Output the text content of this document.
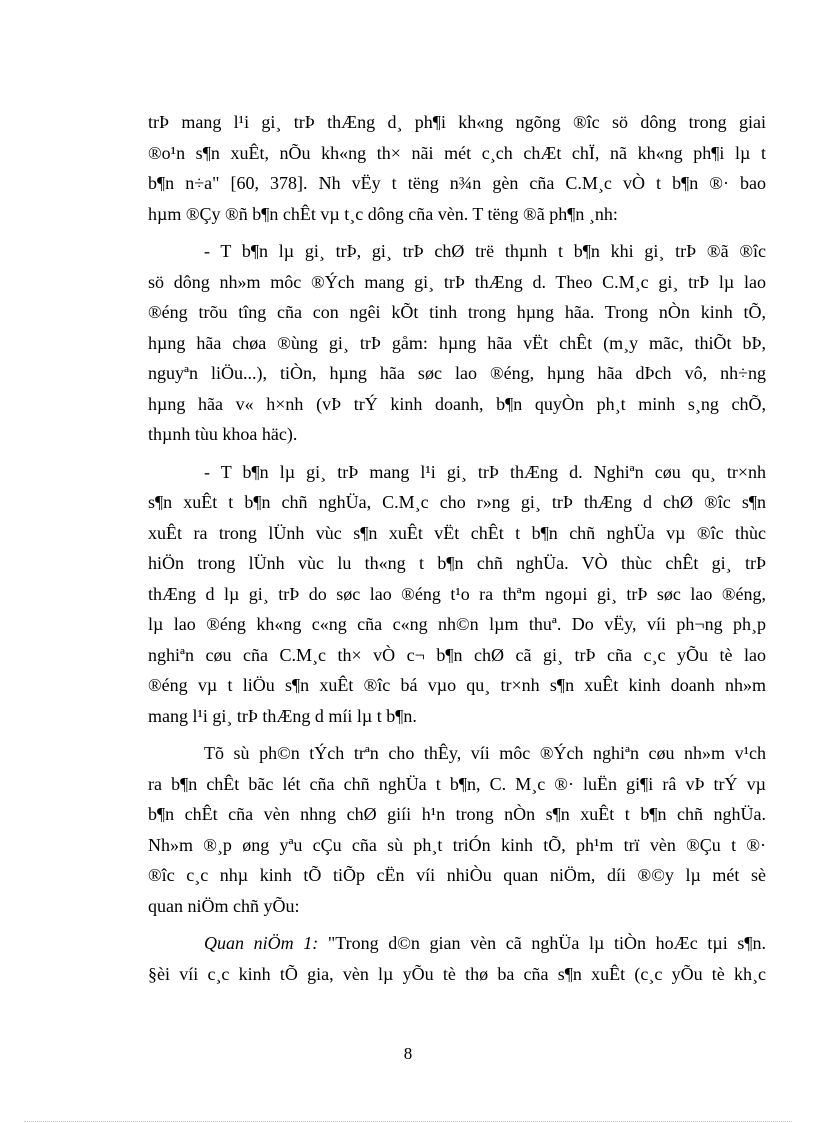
trÞ mang l¹i gi¸ trÞ thÆng d¸ ph¶i kh«ng ngõng ®îc sö dông trong giai
®o¹n s¶n xuÊt, nÕu kh«ng th× nãi mét c¸ch chÆt chÏ, nã kh«ng ph¶i lµ t
b¶n n÷a" [60, 378]. Nh vËy t tëng n¾n gèn cña C.M¸c vÒ t b¶n ®· bao
hµm ®Çy ®ñ b¶n chÊt vµ t¸c dông cña vèn. T tëng ®ã ph¶n ¸nh:
- T b¶n lµ gi¸ trÞ, gi¸ trÞ chØ trë thµnh t b¶n khi gi¸ trÞ ®ã ®îc
sö dông nh»m môc ®Ých mang gi¸ trÞ thÆng d. Theo C.M¸c gi¸ trÞ lµ lao
®éng trõu tîng cña con ngêi kÕt tinh trong hµng hãa. Trong nÒn kinh tÕ,
hµng hãa chøa ®ùng gi¸ trÞ gåm: hµng hãa vËt chÊt (m¸y mãc, thiÕt bÞ,
nguyªn liÖu...), tiÒn, hµng hãa søc lao ®éng, hµng hãa dÞch vô, nh÷ng
hµng hãa v« h×nh (vÞ trÝ kinh doanh, b¶n quyÒn ph¸t minh s¸ng chÕ,
thµnh tùu khoa häc).
- T b¶n lµ gi¸ trÞ mang l¹i gi¸ trÞ thÆng d. Nghiªn cøu qu¸ tr×nh
s¶n xuÊt t b¶n chñ nghÜa, C.M¸c cho r»ng gi¸ trÞ thÆng d chØ ®îc s¶n
xuÊt ra trong lÜnh vùc s¶n xuÊt vËt chÊt t b¶n chñ nghÜa vµ ®îc thùc
hiÖn trong lÜnh vùc lu th«ng t b¶n chñ nghÜa. VÒ thùc chÊt gi¸ trÞ
thÆng d lµ gi¸ trÞ do søc lao ®éng t¹o ra thªm ngoµi gi¸ trÞ søc lao ®éng,
lµ lao ®éng kh«ng c«ng cña c«ng nh©n lµm thuª. Do vËy, víi ph¬ng ph¸p
nghiªn cøu cña C.M¸c th× vÒ c¬ b¶n chØ cã gi¸ trÞ cña c¸c yÕu tè lao
®éng vµ t liÖu s¶n xuÊt ®îc bá vµo qu¸ tr×nh s¶n xuÊt kinh doanh nh»m
mang l¹i gi¸ trÞ thÆng d míi lµ t b¶n.
Tõ sù ph©n tÝch trªn cho thÊy, víi môc ®Ých nghiªn cøu nh»m v¹ch
ra b¶n chÊt bãc lét cña chñ nghÜa t b¶n, C. M¸c ®· luËn gi¶i râ vÞ trÝ vµ
b¶n chÊt cña vèn nhng chØ giíi h¹n trong nÒn s¶n xuÊt t b¶n chñ nghÜa.
Nh»m ®¸p øng yªu cÇu cña sù ph¸t triÓn kinh tÕ, ph¹m trï vèn ®Çu t ®·
®îc c¸c nhµ kinh tÕ tiÕp cËn víi nhiÒu quan niÖm, díi ®©y lµ mét sè
quan niÖm chñ yÕu:
Quan niÖm 1: "Trong d©n gian vèn cã nghÜa lµ tiÒn hoÆc tµi s¶n.
§èi víi c¸c kinh tÕ gia, vèn lµ yÕu tè thø ba cña s¶n xuÊt (c¸c yÕu tè kh¸c
8
